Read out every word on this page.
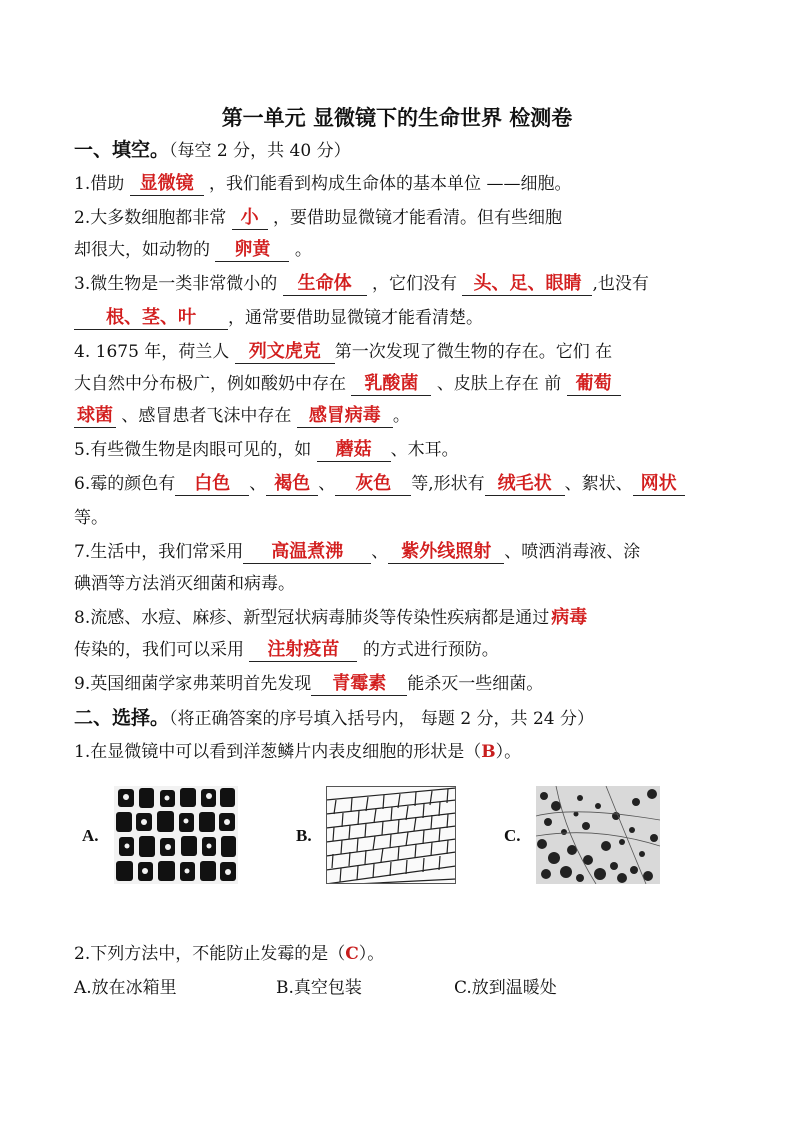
第一单元 显微镜下的生命世界 检测卷
一、填空。（每空 2 分，共 40 分）
1.借助 显微镜 ，我们能看到构成生命体的基本单位 ——细胞。
2.大多数细胞都非常 小 ，要借助显微镜才能看清。但有些细胞
却很大，如动物的 卵黄 。
3.微生物是一类非常微小的 生命体 ，它们没有 头、足、眼睛 ,也没有
根、茎、叶 ，通常要借助显微镜才能看清楚。
4. 1675 年，荷兰人 列文虎克 第一次发现了微生物的存在。它们 在
大自然中分布极广，例如酸奶中存在 乳酸菌 、皮肤上存在 前 葡萄
球菌 、感冒患者飞沫中存在 感冒病毒 。
5.有些微生物是肉眼可见的，如 蘑菇 、木耳。
6.霉的颜色有 白色 、 褐色 、 灰色 等,形状有 绒毛状 、絮状、 网状
等。
7.生活中，我们常采用 高温煮沸 、 紫外线照射 、喷洒消毒液、涂
碘酒等方法消灭细菌和病毒。
8.流感、水痘、麻疹、新型冠状病毒肺炎等传染性疾病都是通过 病毒
传染的，我们可以采用 注射疫苗 的方式进行预防。
9.英国细菌学家弗莱明首先发现 青霉素 能杀灭一些细菌。
二、选择。（将正确答案的序号填入括号内， 每题 2 分，共 24 分）
1.在显微镜中可以看到洋葱鳞片内表皮细胞的形状是（B）。
A.	B.	C.
2.下列方法中，不能防止发霉的是（C）。
A.放在冰箱里	B.真空包装	C.放到温暖处
